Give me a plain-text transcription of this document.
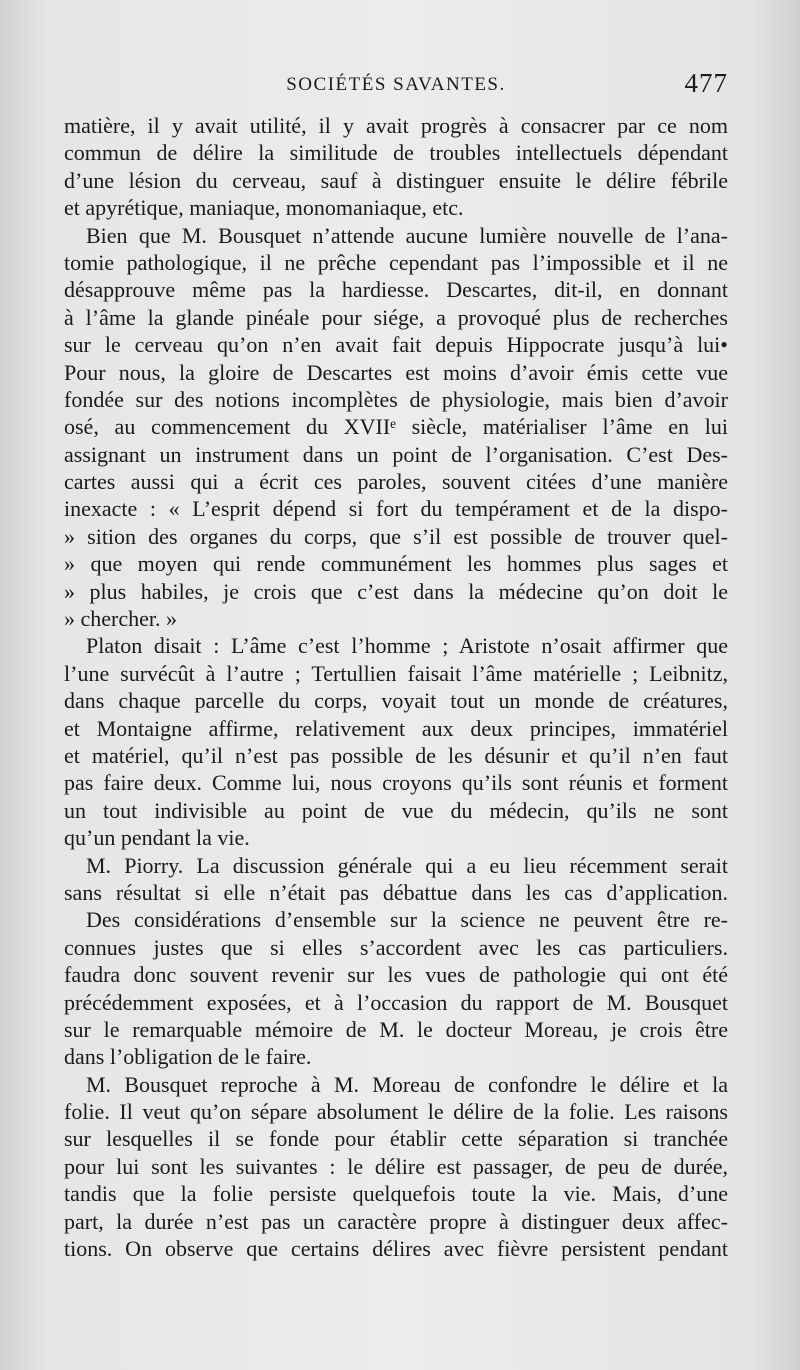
SOCIÉTÉS SAVANTES.	477
matière, il y avait utilité, il y avait progrès à consacrer par ce nom
commun de délire la similitude de troubles intellectuels dépendant
d’une lésion du cerveau, sauf à distinguer ensuite le délire fébrile
et apyrétique, maniaque, monomaniaque, etc.
Bien que M. Bousquet n’attende aucune lumière nouvelle de l’ana-
tomie pathologique, il ne prêche cependant pas l’impossible et il ne
désapprouve même pas la hardiesse. Descartes, dit-il, en donnant
à l’âme la glande pinéale pour siége, a provoqué plus de recherches
sur le cerveau qu’on n’en avait fait depuis Hippocrate jusqu’à lui•
Pour nous, la gloire de Descartes est moins d’avoir émis cette vue
fondée sur des notions incomplètes de physiologie, mais bien d’avoir
osé, au commencement du XVIIᵉ siècle, matérialiser l’âme en lui
assignant un instrument dans un point de l’organisation. C’est Des-
cartes aussi qui a écrit ces paroles, souvent citées d’une manière
inexacte : « L’esprit dépend si fort du tempérament et de la dispo-
» sition des organes du corps, que s’il est possible de trouver quel-
» que moyen qui rende communément les hommes plus sages et
» plus habiles, je crois que c’est dans la médecine qu’on doit le
» chercher. »
Platon disait : L’âme c’est l’homme ; Aristote n’osait affirmer que
l’une survécût à l’autre ; Tertullien faisait l’âme matérielle ; Leibnitz,
dans chaque parcelle du corps, voyait tout un monde de créatures,
et Montaigne affirme, relativement aux deux principes, immatériel
et matériel, qu’il n’est pas possible de les désunir et qu’il n’en faut
pas faire deux. Comme lui, nous croyons qu’ils sont réunis et forment
un tout indivisible au point de vue du médecin, qu’ils ne sont
qu’un pendant la vie.
M. Piorry. La discussion générale qui a eu lieu récemment serait
sans résultat si elle n’était pas débattue dans les cas d’application.
Des considérations d’ensemble sur la science ne peuvent être re-
connues justes que si elles s’accordent avec les cas particuliers.
faudra donc souvent revenir sur les vues de pathologie qui ont été
précédemment exposées, et à l’occasion du rapport de M. Bousquet
sur le remarquable mémoire de M. le docteur Moreau, je crois être
dans l’obligation de le faire.
M. Bousquet reproche à M. Moreau de confondre le délire et la
folie. Il veut qu’on sépare absolument le délire de la folie. Les raisons
sur lesquelles il se fonde pour établir cette séparation si tranchée
pour lui sont les suivantes : le délire est passager, de peu de durée,
tandis que la folie persiste quelquefois toute la vie. Mais, d’une
part, la durée n’est pas un caractère propre à distinguer deux affec-
tions. On observe que certains délires avec fièvre persistent pendant
